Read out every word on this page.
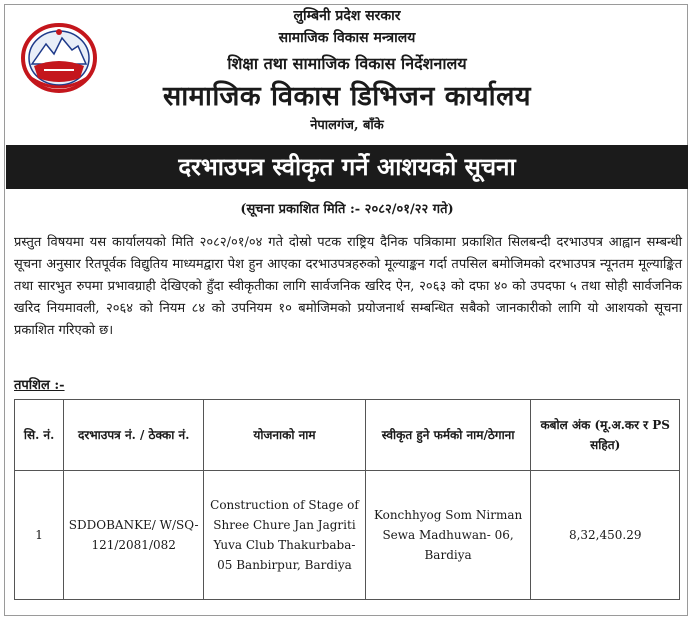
लुम्बिनी प्रदेश सरकार
सामाजिक विकास मन्त्रालय
शिक्षा तथा सामाजिक विकास निर्देशनालय
सामाजिक विकास डिभिजन कार्यालय
नेपालगंज, बाँके
दरभाउपत्र स्वीकृत गर्ने आशयको सूचना
(सूचना प्रकाशित मिति :- २०८२/०१/२२ गते)
प्रस्तुत विषयमा यस कार्यालयको मिति २०८२/०१/०४ गते दोस्रो पटक राष्ट्रिय दैनिक पत्रिकामा प्रकाशित सिलबन्दी दरभाउपत्र आह्वान सम्बन्धी सूचना अनुसार रितपूर्वक विद्युतिय माध्यमद्वारा पेश हुन आएका दरभाउपत्रहरुको मूल्याङ्कन गर्दा तपसिल बमोजिमको दरभाउपत्र न्यूनतम मूल्याङ्कित तथा सारभुत रुपमा प्रभावग्राही देखिएको हुँदा स्वीकृतीका लागि सार्वजनिक खरिद ऐन, २०६३ को दफा ४० को उपदफा ५ तथा सोही सार्वजनिक खरिद नियमावली, २०६४ को नियम ८४ को उपनियम १० बमोजिमको प्रयोजनार्थ सम्बन्धित सबैको जानकारीको लागि यो आशयको सूचना प्रकाशित गरिएको छ।
तपशिल :-
सि. नं.	दरभाउपत्र नं. / ठेक्का नं.	योजनाको नाम	स्वीकृत हुने फर्मको नाम/ठेगाना	कबोल अंक (मू.अ.कर र PS सहित)
1	SDDOBANKE/ W/SQ- 121/2081/082	Construction of Stage of Shree Chure Jan Jagriti Yuva Club Thakurbaba- 05 Banbirpur, Bardiya	Konchhyog Som Nirman Sewa Madhuwan- 06, Bardiya	8,32,450.29
